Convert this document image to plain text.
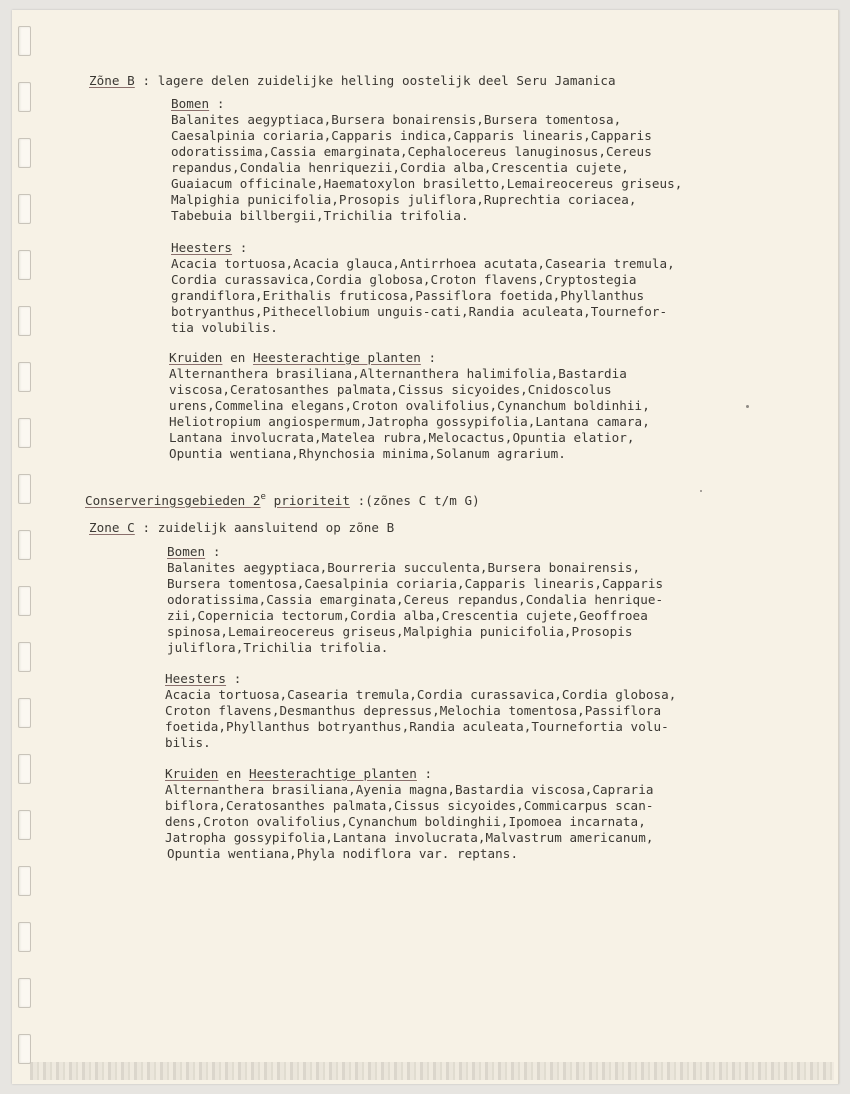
Zõne B : lagere delen zuidelijke helling oostelijk deel Seru Jamanica
Bomen :
Balanites aegyptiaca,Bursera bonairensis,Bursera tomentosa,
Caesalpinia coriaria,Capparis indica,Capparis linearis,Capparis
odoratissima,Cassia emarginata,Cephalocereus lanuginosus,Cereus
repandus,Condalia henriquezii,Cordia alba,Crescentia cujete,
Guaiacum officinale,Haematoxylon brasiletto,Lemaireocereus griseus,
Malpighia punicifolia,Prosopis juliflora,Ruprechtia coriacea,
Tabebuia billbergii,Trichilia trifolia.
Heesters :
Acacia tortuosa,Acacia glauca,Antirrhoea acutata,Casearia tremula,
Cordia curassavica,Cordia globosa,Croton flavens,Cryptostegia
grandiflora,Erithalis fruticosa,Passiflora foetida,Phyllanthus
botryanthus,Pithecellobium unguis-cati,Randia aculeata,Tournefor-
tia volubilis.
Kruiden en Heesterachtige planten :
Alternanthera brasiliana,Alternanthera halimifolia,Bastardia
viscosa,Ceratosanthes palmata,Cissus sicyoides,Cnidoscolus
urens,Commelina elegans,Croton ovalifolius,Cynanchum boldinhii,
Heliotropium angiospermum,Jatropha gossypifolia,Lantana camara,
Lantana involucrata,Matelea rubra,Melocactus,Opuntia elatior,
Opuntia wentiana,Rhynchosia minima,Solanum agrarium.
Conserveringsgebieden 2e prioriteit :(zõnes C t/m G)
Zone C : zuidelijk aansluitend op zõne B
Bomen :
Balanites aegyptiaca,Bourreria succulenta,Bursera bonairensis,
Bursera tomentosa,Caesalpinia coriaria,Capparis linearis,Capparis
odoratissima,Cassia emarginata,Cereus repandus,Condalia henrique-
zii,Copernicia tectorum,Cordia alba,Crescentia cujete,Geoffroea
spinosa,Lemaireocereus griseus,Malpighia punicifolia,Prosopis
juliflora,Trichilia trifolia.
Heesters :
Acacia tortuosa,Casearia tremula,Cordia curassavica,Cordia globosa,
Croton flavens,Desmanthus depressus,Melochia tomentosa,Passiflora
foetida,Phyllanthus botryanthus,Randia aculeata,Tournefortia volu-
bilis.
Kruiden en Heesterachtige planten :
Alternanthera brasiliana,Ayenia magna,Bastardia viscosa,Capraria
biflora,Ceratosanthes palmata,Cissus sicyoides,Commicarpus scan-
dens,Croton ovalifolius,Cynanchum boldinghii,Ipomoea incarnata,
Jatropha gossypifolia,Lantana involucrata,Malvastrum americanum,
Opuntia wentiana,Phyla nodiflora var. reptans.
